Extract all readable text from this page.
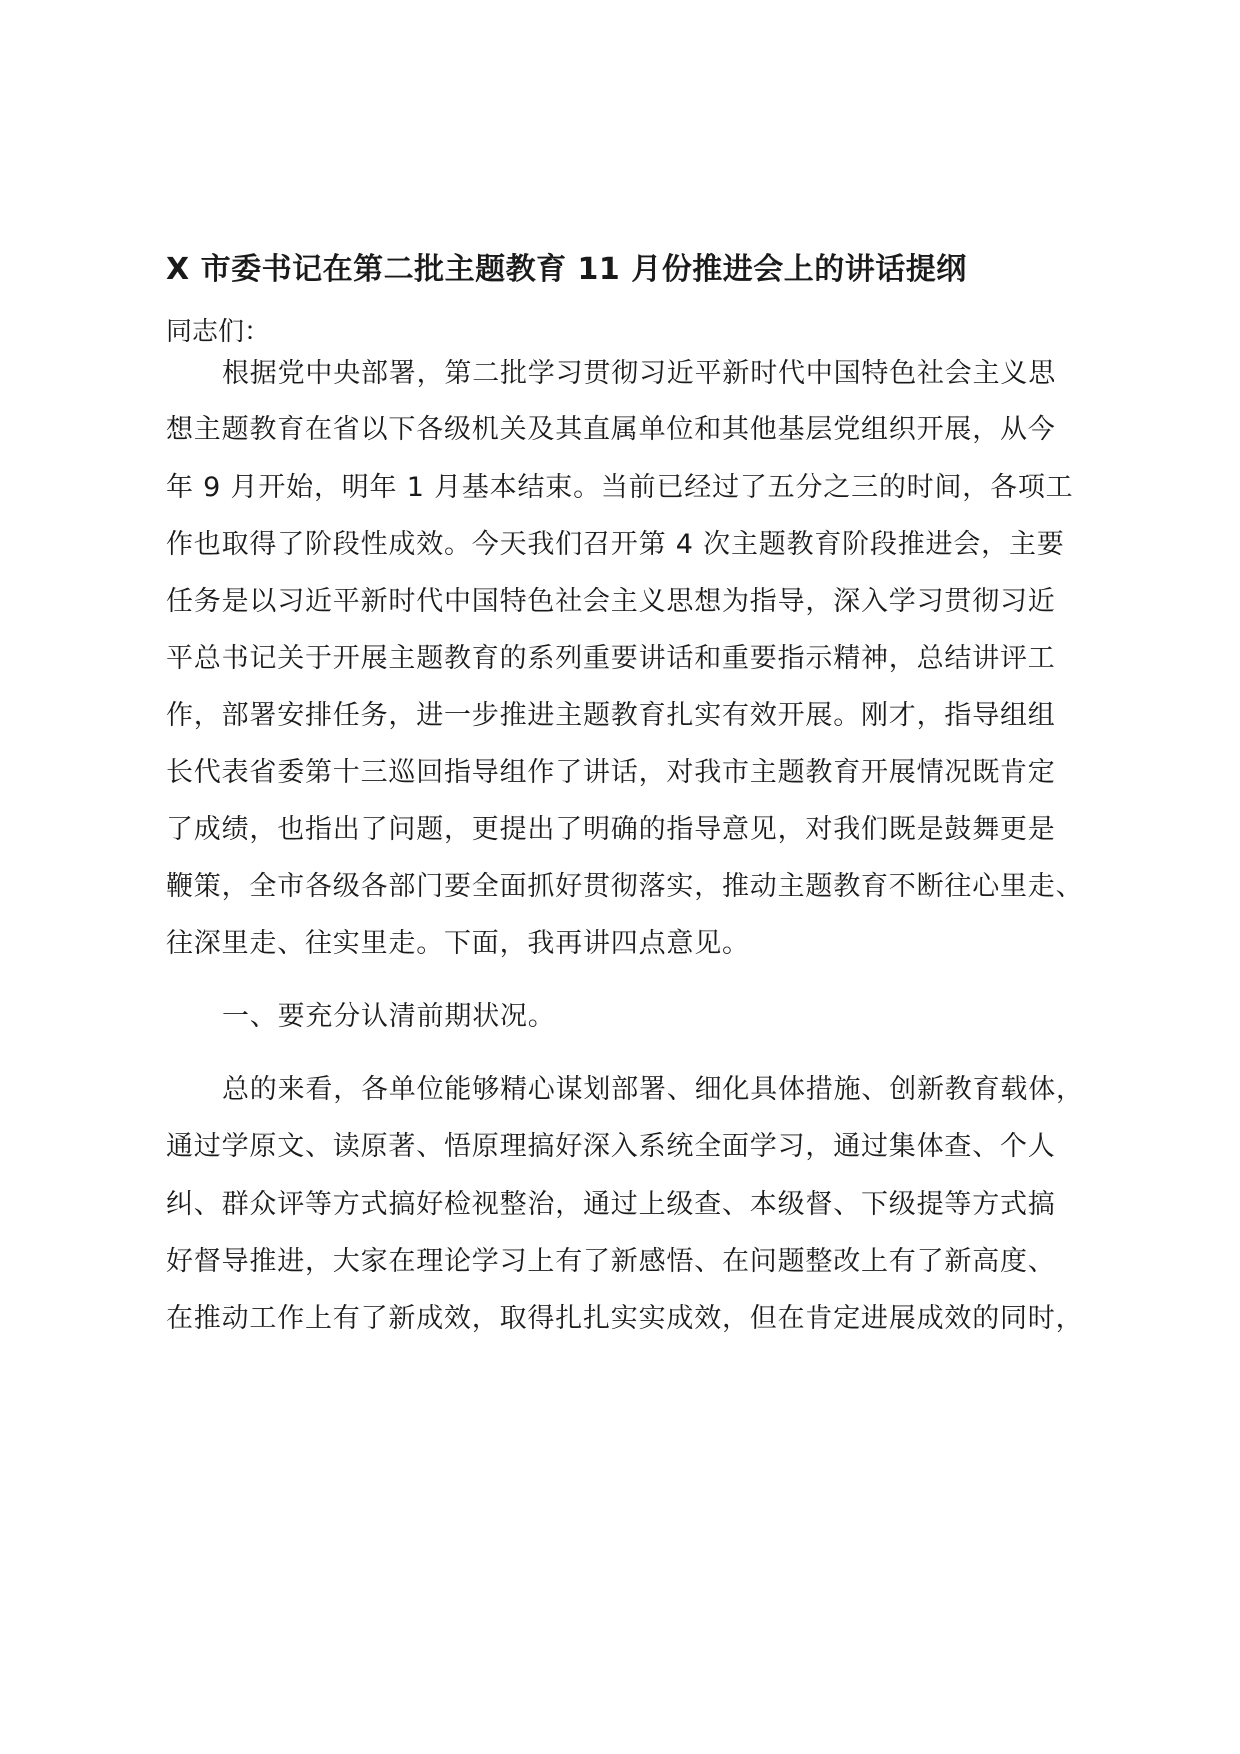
X 市委书记在第二批主题教育 11 月份推进会上的讲话提纲

同志们：

根据党中央部署，第二批学习贯彻习近平新时代中国特色社会主义思

想主题教育在省以下各级机关及其直属单位和其他基层党组织开展，从今

年 9 月开始，明年 1 月基本结束。当前已经过了五分之三的时间，各项工

作也取得了阶段性成效。今天我们召开第 4 次主题教育阶段推进会，主要

任务是以习近平新时代中国特色社会主义思想为指导，深入学习贯彻习近

平总书记关于开展主题教育的系列重要讲话和重要指示精神，总结讲评工

作，部署安排任务，进一步推进主题教育扎实有效开展。刚才，指导组组

长代表省委第十三巡回指导组作了讲话，对我市主题教育开展情况既肯定

了成绩，也指出了问题，更提出了明确的指导意见，对我们既是鼓舞更是

鞭策，全市各级各部门要全面抓好贯彻落实，推动主题教育不断往心里走、

往深里走、往实里走。下面，我再讲四点意见。

一、要充分认清前期状况。

总的来看，各单位能够精心谋划部署、细化具体措施、创新教育载体，

通过学原文、读原著、悟原理搞好深入系统全面学习，通过集体查、个人

纠、群众评等方式搞好检视整治，通过上级查、本级督、下级提等方式搞

好督导推进，大家在理论学习上有了新感悟、在问题整改上有了新高度、

在推动工作上有了新成效，取得扎扎实实成效，但在肯定进展成效的同时，
